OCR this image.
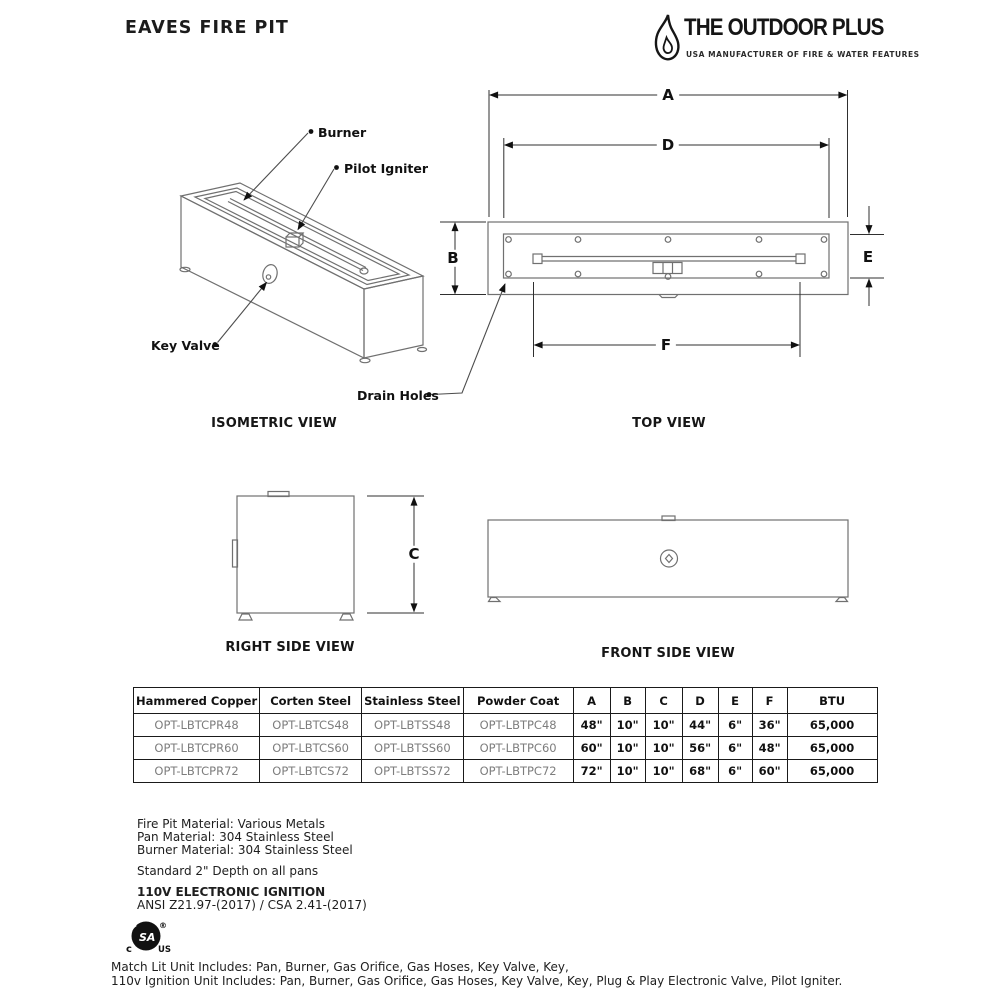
SA
EAVES FIRE PIT	THE OUTDOOR PLUS
USA MANUFACTURER OF FIRE & WATER FEATURES
Burner
Pilot Igniter
Key Valve
Drain Holes
A
B
C
D
E
F
ISOMETRIC VIEW	TOP VIEW
RIGHT SIDE VIEW	FRONT SIDE VIEW
Hammered Copper	Corten Steel	Stainless Steel	Powder Coat	A	B	C	D	E	F	BTU
OPT-LBTCPR48	OPT-LBTCS48	OPT-LBTSS48	OPT-LBTPC48	48"	10"	10"	44"	6"	36"	65,000
OPT-LBTCPR60	OPT-LBTCS60	OPT-LBTSS60	OPT-LBTPC60	60"	10"	10"	56"	6"	48"	65,000
OPT-LBTCPR72	OPT-LBTCS72	OPT-LBTSS72	OPT-LBTPC72	72"	10"	10"	68"	6"	60"	65,000
Fire Pit Material: Various Metals
Pan Material: 304 Stainless Steel
Burner Material: 304 Stainless Steel
Standard 2" Depth on all pans
110V ELECTRONIC IGNITION
ANSI Z21.97-(2017) / CSA 2.41-(2017)
®
c	US
Match Lit Unit Includes: Pan, Burner, Gas Orifice, Gas Hoses, Key Valve, Key,
110v Ignition Unit Includes: Pan, Burner, Gas Orifice, Gas Hoses, Key Valve, Key, Plug & Play Electronic Valve, Pilot Igniter.
